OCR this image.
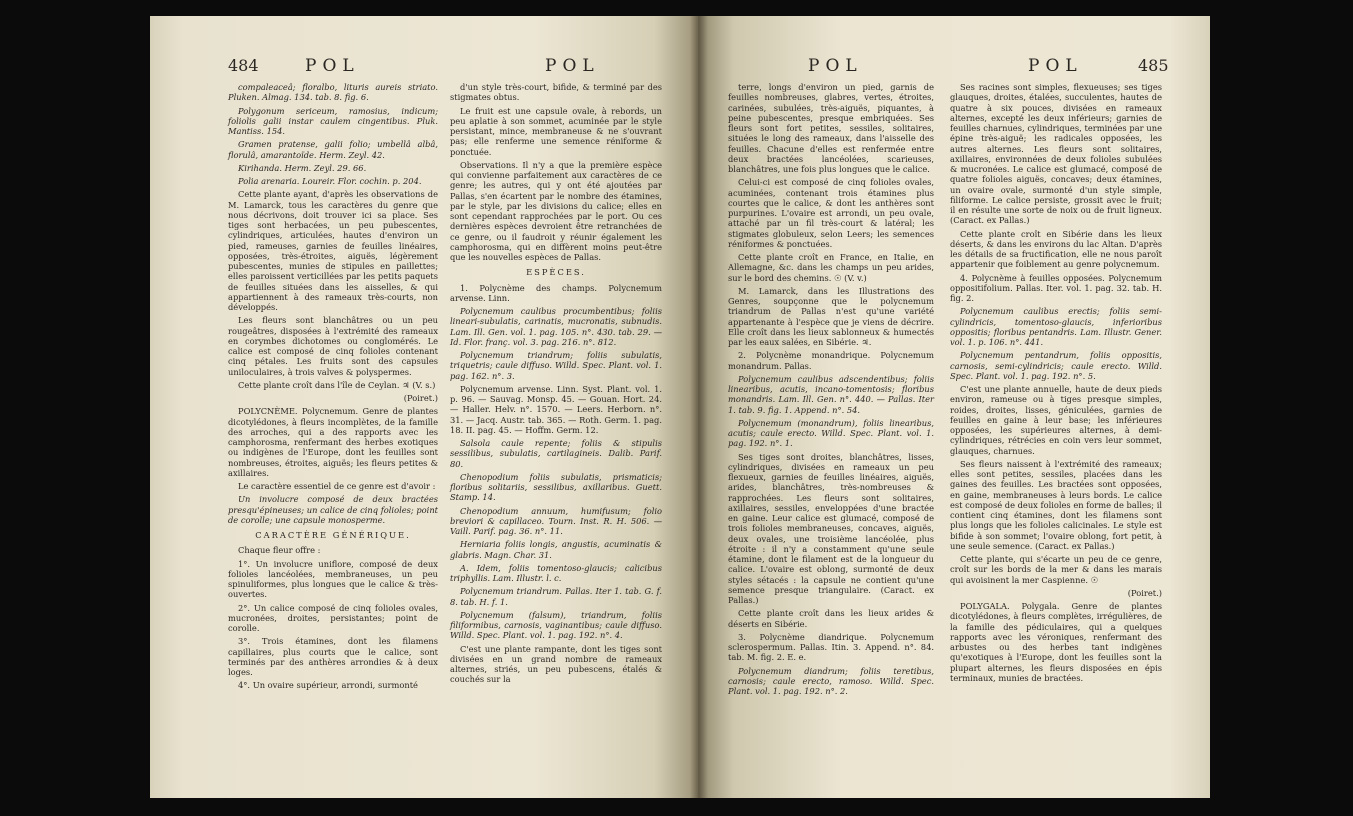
484	POL	POL

compaleaceâ; floralbo, lituris aureis striato. Pluken. Almag. 134. tab. 8. fig. 6.

Polygonum sericeum, ramosius, indicum; foliolis galii instar caulem cingentibus. Pluk. Mantiss. 154.

Gramen pratense, galii folio; umbellâ albâ, florulâ, amarantoïde. Herm. Zeyl. 42.

Kirihanda. Herm. Zeyl. 29. 66.

Polia arenaria. Loureir. Flor. cochin. p. 204.

Cette plante ayant, d'après les observations de M. Lamarck, tous les caractères du genre que nous décrivons, doit trouver ici sa place. Ses tiges sont herbacées, un peu pubescentes, cylindriques, articulées, hautes d'environ un pied, rameuses, garnies de feuilles linéaires, opposées, très-étroites, aiguës, légèrement pubescentes, munies de stipules en paillettes; elles paroissent verticillées par les petits paquets de feuilles situées dans les aisselles, & qui appartiennent à des rameaux très-courts, non développés.

Les fleurs sont blanchâtres ou un peu rougeâtres, disposées à l'extrémité des rameaux en corymbes dichotomes ou conglomérés. Le calice est composé de cinq folioles contenant cinq pétales. Les fruits sont des capsules uniloculaires, à trois valves & polyspermes.

Cette plante croît dans l'île de Ceylan. ♃ (V. s.)

(Poiret.)

POLYCNÈME. Polycnemum. Genre de plantes dicotylédones, à fleurs incomplètes, de la famille des arroches, qui a des rapports avec les camphorosma, renfermant des herbes exotiques ou indigènes de l'Europe, dont les feuilles sont nombreuses, étroites, aiguës; les fleurs petites & axillaires.

Le caractère essentiel de ce genre est d'avoir :

Un involucre composé de deux bractées presqu'épineuses; un calice de cinq folioles; point de corolle; une capsule monosperme.

CARACTÈRE GÉNÉRIQUE.

Chaque fleur offre :

1°. Un involucre uniflore, composé de deux folioles lancéolées, membraneuses, un peu spinuliformes, plus longues que le calice & très-ouvertes.

2°. Un calice composé de cinq folioles ovales, mucronées, droites, persistantes; point de corolle.

3°. Trois étamines, dont les filamens capillaires, plus courts que le calice, sont terminés par des anthères arrondies & à deux loges.

4°. Un ovaire supérieur, arrondi, surmonté

d'un style très-court, bifide, & terminé par des stigmates obtus.

Le fruit est une capsule ovale, à rebords, un peu aplatie à son sommet, acuminée par le style persistant, mince, membraneuse & ne s'ouvrant pas; elle renferme une semence réniforme & ponctuée.

Observations. Il n'y a que la première espèce qui convienne parfaitement aux caractères de ce genre; les autres, qui y ont été ajoutées par Pallas, s'en écartent par le nombre des étamines, par le style, par les divisions du calice; elles en sont cependant rapprochées par le port. Ou ces dernières espèces devroient être retranchées de ce genre, ou il faudroit y réunir également les camphorosma, qui en diffèrent moins peut-être que les nouvelles espèces de Pallas.

ESPÈCES.

1. Polycnème des champs. Polycnemum arvense. Linn.

Polycnemum caulibus procumbentibus; foliis lineari-subulatis, carinatis, mucronatis, subnudis. Lam. Ill. Gen. vol. 1. pag. 105. n°. 430. tab. 29. — Id. Flor. franç. vol. 3. pag. 216. n°. 812.

Polycnemum triandrum; foliis subulatis, triquetris; caule diffuso. Willd. Spec. Plant. vol. 1. pag. 162. n°. 3.

Polycnemum arvense. Linn. Syst. Plant. vol. 1. p. 96. — Sauvag. Monsp. 45. — Gouan. Hort. 24. — Haller. Helv. n°. 1570. — Leers. Herborn. n°. 31. — Jacq. Austr. tab. 365. — Roth. Germ. 1. pag. 18. II. pag. 45. — Hoffm. Germ. 12.

Salsola caule repente; foliis & stipulis sessilibus, subulatis, cartilagineis. Dalib. Parif. 80.

Chenopodium foliis subulatis, prismaticis; floribus solitariis, sessilibus, axillaribus. Guett. Stamp. 14.

Chenopodium annuum, humifusum; folio breviori & capillaceo. Tourn. Inst. R. H. 506. — Vaill. Parif. pag. 36. n°. 11.

Herniaria foliis longis, angustis, acuminatis & glabris. Magn. Char. 31.

A. Idem, foliis tomentoso-glaucis; calicibus triphyllis. Lam. Illustr. l. c.

Polycnemum triandrum. Pallas. Iter 1. tab. G. f. 8. tab. H. f. 1.

Polycnemum (falsum), triandrum, foliis filiformibus, carnosis, vaginantibus; caule diffuso. Willd. Spec. Plant. vol. 1. pag. 192. n°. 4.

C'est une plante rampante, dont les tiges sont divisées en un grand nombre de rameaux alternes, striés, un peu pubescens, étalés & couchés sur la

POL	POL	485

terre, longs d'environ un pied, garnis de feuilles nombreuses, glabres, vertes, étroites, carinées, subulées, très-aiguës, piquantes, à peine pubescentes, presque embriquées. Ses fleurs sont fort petites, sessiles, solitaires, situées le long des rameaux, dans l'aisselle des feuilles. Chacune d'elles est renfermée entre deux bractées lancéolées, scarieuses, blanchâtres, une fois plus longues que le calice.

Celui-ci est composé de cinq folioles ovales, acuminées, contenant trois étamines plus courtes que le calice, & dont les anthères sont purpurines. L'ovaire est arrondi, un peu ovale, attaché par un fil très-court & latéral; les stigmates globuleux, selon Leers; les semences réniformes & ponctuées.

Cette plante croît en France, en Italie, en Allemagne, &c. dans les champs un peu arides, sur le bord des chemins. ☉ (V. v.)

M. Lamarck, dans les Illustrations des Genres, soupçonne que le polycnemum triandrum de Pallas n'est qu'une variété appartenante à l'espèce que je viens de décrire. Elle croît dans les lieux sablonneux & humectés par les eaux salées, en Sibérie. ♃.

2. Polycnème monandrique. Polycnemum monandrum. Pallas.

Polycnemum caulibus adscendentibus; foliis linearibus, acutis, incano-tomentosis; floribus monandris. Lam. Ill. Gen. n°. 440. — Pallas. Iter 1. tab. 9. fig. 1. Append. n°. 54.

Polycnemum (monandrum), foliis linearibus, acutis; caule erecto. Willd. Spec. Plant. vol. 1. pag. 192. n°. 1.

Ses tiges sont droites, blanchâtres, lisses, cylindriques, divisées en rameaux un peu flexueux, garnies de feuilles linéaires, aiguës, arides, blanchâtres, très-nombreuses & rapprochées. Les fleurs sont solitaires, axillaires, sessiles, enveloppées d'une bractée en gaine. Leur calice est glumacé, composé de trois folioles membraneuses, concaves, aiguës, deux ovales, une troisième lancéolée, plus étroite : il n'y a constamment qu'une seule étamine, dont le filament est de la longueur du calice. L'ovaire est oblong, surmonté de deux styles sétacés : la capsule ne contient qu'une semence presque triangulaire. (Caract. ex Pallas.)

Cette plante croît dans les lieux arides & déserts en Sibérie.

3. Polycnème diandrique. Polycnemum sclerospermum. Pallas. Itin. 3. Append. n°. 84. tab. M. fig. 2. E. e.

Polycnemum diandrum; foliis teretibus, carnosis; caule erecto, ramoso. Willd. Spec. Plant. vol. 1. pag. 192. n°. 2.

Ses racines sont simples, flexueuses; ses tiges glauques, droites, étalées, succulentes, hautes de quatre à six pouces, divisées en rameaux alternes, excepté les deux inférieurs; garnies de feuilles charnues, cylindriques, terminées par une épine très-aiguë; les radicales opposées, les autres alternes. Les fleurs sont solitaires, axillaires, environnées de deux folioles subulées & mucronées. Le calice est glumacé, composé de quatre folioles aiguës, concaves; deux étamines, un ovaire ovale, surmonté d'un style simple, filiforme. Le calice persiste, grossit avec le fruit; il en résulte une sorte de noix ou de fruit ligneux. (Caract. ex Pallas.)

Cette plante croît en Sibérie dans les lieux déserts, & dans les environs du lac Altan. D'après les détails de sa fructification, elle ne nous paroît appartenir que foiblement au genre polycnemum.

4. Polycnème à feuilles opposées. Polycnemum oppositifolium. Pallas. Iter. vol. 1. pag. 32. tab. H. fig. 2.

Polycnemum caulibus erectis; foliis semi-cylindricis, tomentoso-glaucis, inferioribus oppositis; floribus pentandris. Lam. Illustr. Gener. vol. 1. p. 106. n°. 441.

Polycnemum pentandrum, foliis oppositis, carnosis, semi-cylindricis; caule erecto. Willd. Spec. Plant. vol. 1. pag. 192. n°. 5.

C'est une plante annuelle, haute de deux pieds environ, rameuse ou à tiges presque simples, roides, droites, lisses, géniculées, garnies de feuilles en gaine à leur base; les inférieures opposées, les supérieures alternes, à demi-cylindriques, rétrécies en coin vers leur sommet, glauques, charnues.

Ses fleurs naissent à l'extrémité des rameaux; elles sont petites, sessiles, placées dans les gaines des feuilles. Les bractées sont opposées, en gaine, membraneuses à leurs bords. Le calice est composé de deux folioles en forme de balles; il contient cinq étamines, dont les filamens sont plus longs que les folioles calicinales. Le style est bifide à son sommet; l'ovaire oblong, fort petit, à une seule semence. (Caract. ex Pallas.)

Cette plante, qui s'écarte un peu de ce genre, croît sur les bords de la mer & dans les marais qui avoisinent la mer Caspienne. ☉

(Poiret.)

POLYGALA. Polygala. Genre de plantes dicotylédones, à fleurs complètes, irrégulières, de la famille des pédiculaires, qui a quelques rapports avec les véroniques, renfermant des arbustes ou des herbes tant indigènes qu'exotiques à l'Europe, dont les feuilles sont la plupart alternes, les fleurs disposées en épis terminaux, munies de bractées.
